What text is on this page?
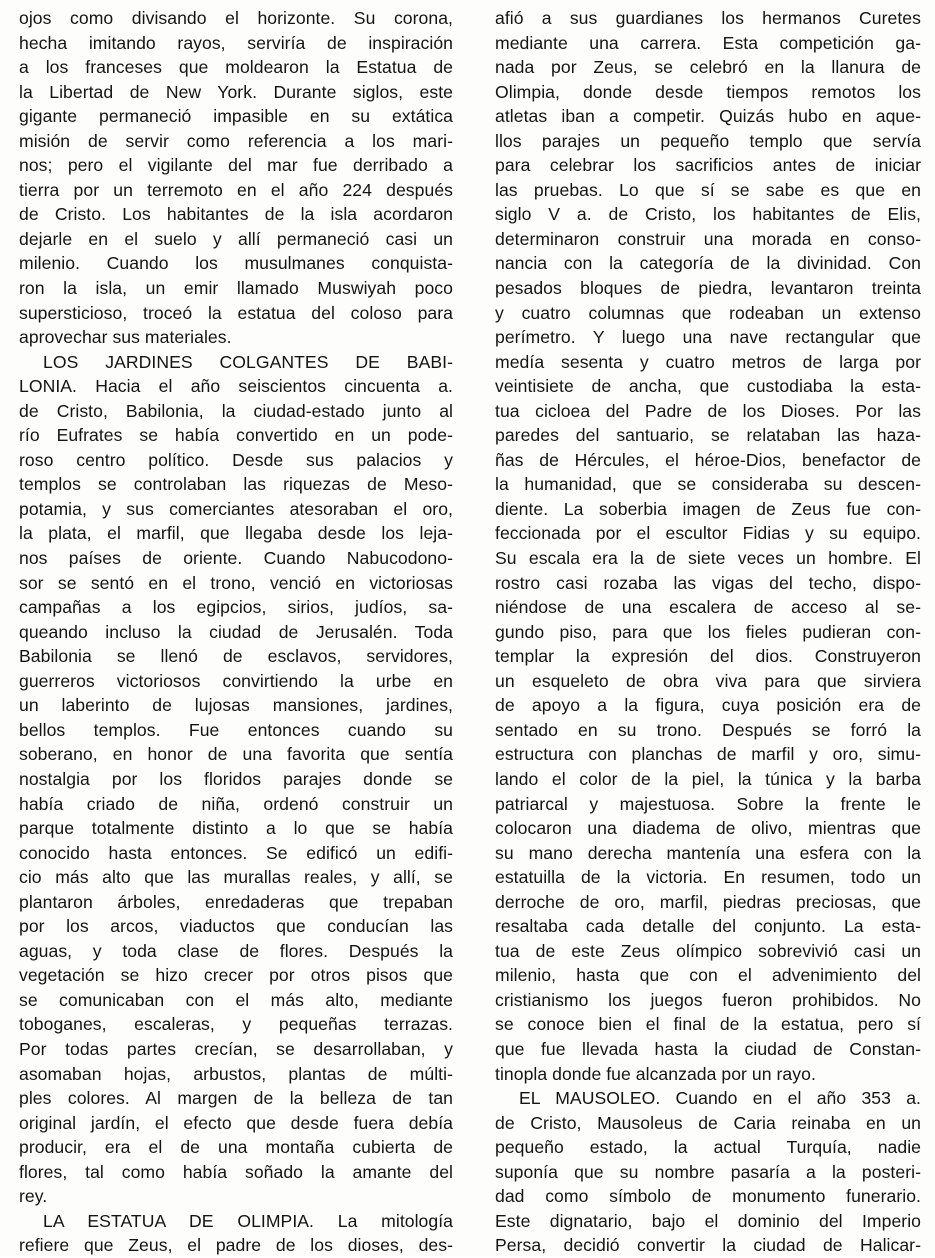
ojos como divisando el horizonte. Su corona,
hecha imitando rayos, serviría de inspiración
a los franceses que moldearon la Estatua de
la Libertad de New York. Durante siglos, este
gigante permaneció impasible en su extática
misión de servir como referencia a los mari-
nos; pero el vigilante del mar fue derribado a
tierra por un terremoto en el año 224 después
de Cristo. Los habitantes de la isla acordaron
dejarle en el suelo y allí permaneció casi un
milenio. Cuando los musulmanes conquista-
ron la isla, un emir llamado Muswiyah poco
supersticioso, troceó la estatua del coloso para
aprovechar sus materiales.
LOS JARDINES COLGANTES DE BABI-
LONIA. Hacia el año seiscientos cincuenta a.
de Cristo, Babilonia, la ciudad-estado junto al
río Eufrates se había convertido en un pode-
roso centro político. Desde sus palacios y
templos se controlaban las riquezas de Meso-
potamia, y sus comerciantes atesoraban el oro,
la plata, el marfil, que llegaba desde los leja-
nos países de oriente. Cuando Nabucodono-
sor se sentó en el trono, venció en victoriosas
campañas a los egipcios, sirios, judíos, sa-
queando incluso la ciudad de Jerusalén. Toda
Babilonia se llenó de esclavos, servidores,
guerreros victoriosos convirtiendo la urbe en
un laberinto de lujosas mansiones, jardines,
bellos templos. Fue entonces cuando su
soberano, en honor de una favorita que sentía
nostalgia por los floridos parajes donde se
había criado de niña, ordenó construir un
parque totalmente distinto a lo que se había
conocido hasta entonces. Se edificó un edifi-
cio más alto que las murallas reales, y allí, se
plantaron árboles, enredaderas que trepaban
por los arcos, viaductos que conducían las
aguas, y toda clase de flores. Después la
vegetación se hizo crecer por otros pisos que
se comunicaban con el más alto, mediante
toboganes, escaleras, y pequeñas terrazas.
Por todas partes crecían, se desarrollaban, y
asomaban hojas, arbustos, plantas de múlti-
ples colores. Al margen de la belleza de tan
original jardín, el efecto que desde fuera debía
producir, era el de una montaña cubierta de
flores, tal como había soñado la amante del
rey.
LA ESTATUA DE OLIMPIA. La mitología
refiere que Zeus, el padre de los dioses, des-
afió a sus guardianes los hermanos Curetes
mediante una carrera. Esta competición ga-
nada por Zeus, se celebró en la llanura de
Olimpia, donde desde tiempos remotos los
atletas iban a competir. Quizás hubo en aque-
llos parajes un pequeño templo que servía
para celebrar los sacrificios antes de iniciar
las pruebas. Lo que sí se sabe es que en
siglo V a. de Cristo, los habitantes de Elis,
determinaron construir una morada en conso-
nancia con la categoría de la divinidad. Con
pesados bloques de piedra, levantaron treinta
y cuatro columnas que rodeaban un extenso
perímetro. Y luego una nave rectangular que
medía sesenta y cuatro metros de larga por
veintisiete de ancha, que custodiaba la esta-
tua cicloea del Padre de los Dioses. Por las
paredes del santuario, se relataban las haza-
ñas de Hércules, el héroe-Dios, benefactor de
la humanidad, que se consideraba su descen-
diente. La soberbia imagen de Zeus fue con-
feccionada por el escultor Fidias y su equipo.
Su escala era la de siete veces un hombre. El
rostro casi rozaba las vigas del techo, dispo-
niéndose de una escalera de acceso al se-
gundo piso, para que los fieles pudieran con-
templar la expresión del dios. Construyeron
un esqueleto de obra viva para que sirviera
de apoyo a la figura, cuya posición era de
sentado en su trono. Después se forró la
estructura con planchas de marfil y oro, simu-
lando el color de la piel, la túnica y la barba
patriarcal y majestuosa. Sobre la frente le
colocaron una diadema de olivo, mientras que
su mano derecha mantenía una esfera con la
estatuilla de la victoria. En resumen, todo un
derroche de oro, marfil, piedras preciosas, que
resaltaba cada detalle del conjunto. La esta-
tua de este Zeus olímpico sobrevivió casi un
milenio, hasta que con el advenimiento del
cristianismo los juegos fueron prohibidos. No
se conoce bien el final de la estatua, pero sí
que fue llevada hasta la ciudad de Constan-
tinopla donde fue alcanzada por un rayo.
EL MAUSOLEO. Cuando en el año 353 a.
de Cristo, Mausoleus de Caria reinaba en un
pequeño estado, la actual Turquía, nadie
suponía que su nombre pasaría a la posteri-
dad como símbolo de monumento funerario.
Este dignatario, bajo el dominio del Imperio
Persa, decidió convertir la ciudad de Halicar-
